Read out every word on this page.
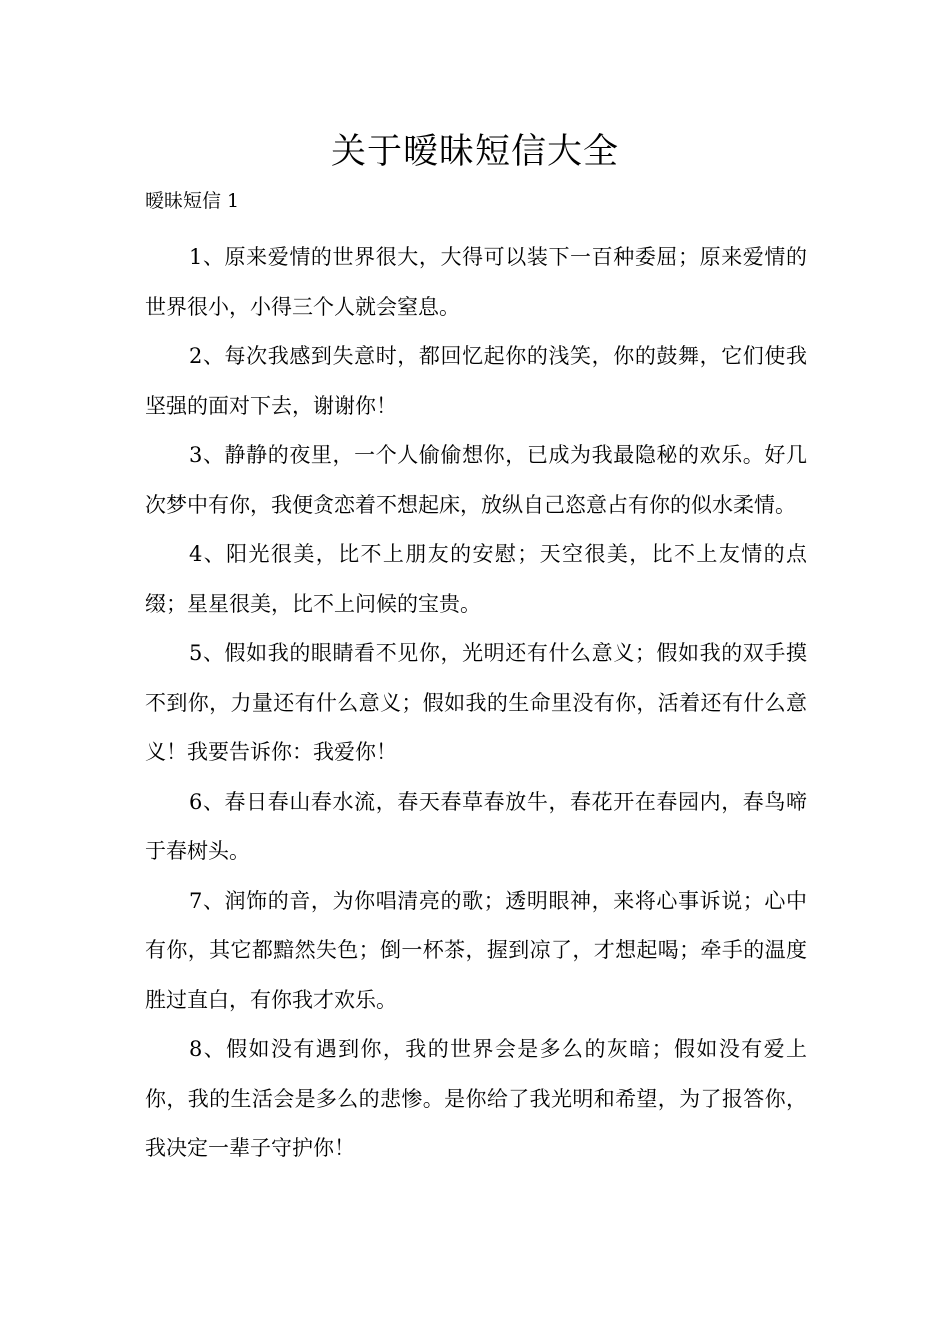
关于暧昧短信大全
暧昧短信 1

1、原来爱情的世界很大，大得可以装下一百种委屈；原来爱情的世界很小，小得三个人就会窒息。

2、每次我感到失意时，都回忆起你的浅笑，你的鼓舞，它们使我坚强的面对下去，谢谢你！

3、静静的夜里，一个人偷偷想你，已成为我最隐秘的欢乐。好几次梦中有你，我便贪恋着不想起床，放纵自己恣意占有你的似水柔情。

4、阳光很美，比不上朋友的安慰；天空很美，比不上友情的点缀；星星很美，比不上问候的宝贵。

5、假如我的眼睛看不见你，光明还有什么意义；假如我的双手摸不到你，力量还有什么意义；假如我的生命里没有你，活着还有什么意义！我要告诉你：我爱你！

6、春日春山春水流，春天春草春放牛，春花开在春园内，春鸟啼于春树头。

7、润饰的音，为你唱清亮的歌；透明眼神，来将心事诉说；心中有你，其它都黯然失色；倒一杯茶，握到凉了，才想起喝；牵手的温度胜过直白，有你我才欢乐。

8、假如没有遇到你，我的世界会是多么的灰暗；假如没有爱上你，我的生活会是多么的悲惨。是你给了我光明和希望，为了报答你，我决定一辈子守护你！
